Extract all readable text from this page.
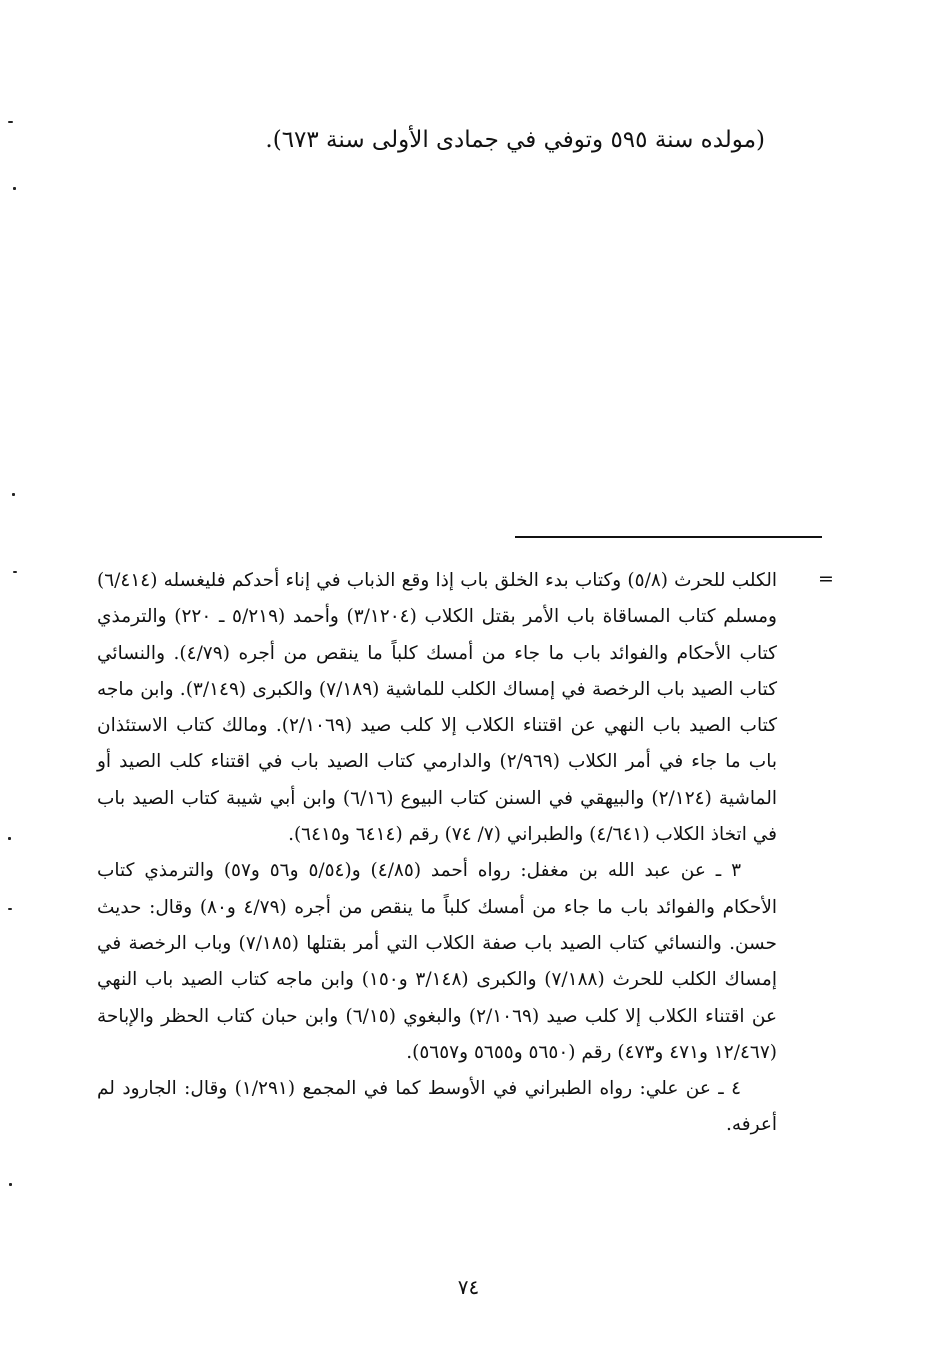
(مولده سنة ٥٩٥ وتوفي في جمادى الأولى سنة ٦٧٣).
=

الكلب للحرث (٥/٨) وكتاب بدء الخلق باب إذا وقع الذباب في إناء أحدكم فليغسله (٦/٤١٤) ومسلم كتاب المساقاة باب الأمر بقتل الكلاب (٣/١٢٠٤) وأحمد (٥/٢١٩ ـ ٢٢٠) والترمذي كتاب الأحكام والفوائد باب ما جاء من أمسك كلباً ما ينقص من أجره (٤/٧٩). والنسائي كتاب الصيد باب الرخصة في إمساك الكلب للماشية (٧/١٨٩) والكبرى (٣/١٤٩). وابن ماجه كتاب الصيد باب النهي عن اقتناء الكلاب إلا كلب صيد (٢/١٠٦٩). ومالك كتاب الاستئذان باب ما جاء في أمر الكلاب (٢/٩٦٩) والدارمي كتاب الصيد باب في اقتناء كلب الصيد أو الماشية (٢/١٢٤) والبيهقي في السنن كتاب البيوع (٦/١٦) وابن أبي شيبة كتاب الصيد باب في اتخاذ الكلاب (٤/٦٤١) والطبراني (٧/ ٧٤) رقم (٦٤١٤ و٦٤١٥).

٣ ـ عن عبد الله بن مغفل: رواه أحمد (٤/٨٥) و(٥/٥٤ و٥٦ و٥٧) والترمذي كتاب الأحكام والفوائد باب ما جاء من أمسك كلباً ما ينقص من أجره (٤/٧٩ و٨٠) وقال: حديث حسن. والنسائي كتاب الصيد باب صفة الكلاب التي أمر بقتلها (٧/١٨٥) وباب الرخصة في إمساك الكلب للحرث (٧/١٨٨) والكبرى (٣/١٤٨ و١٥٠) وابن ماجه كتاب الصيد باب النهي عن اقتناء الكلاب إلا كلب صيد (٢/١٠٦٩) والبغوي (٦/١٥) وابن حبان كتاب الحظر والإباحة (١٢/٤٦٧ و٤٧١ و٤٧٣) رقم (٥٦٥٠ و٥٦٥٥ و٥٦٥٧).

٤ ـ عن علي: رواه الطبراني في الأوسط كما في المجمع (١/٢٩١) وقال: الجارود لم أعرفه.

٧٤
